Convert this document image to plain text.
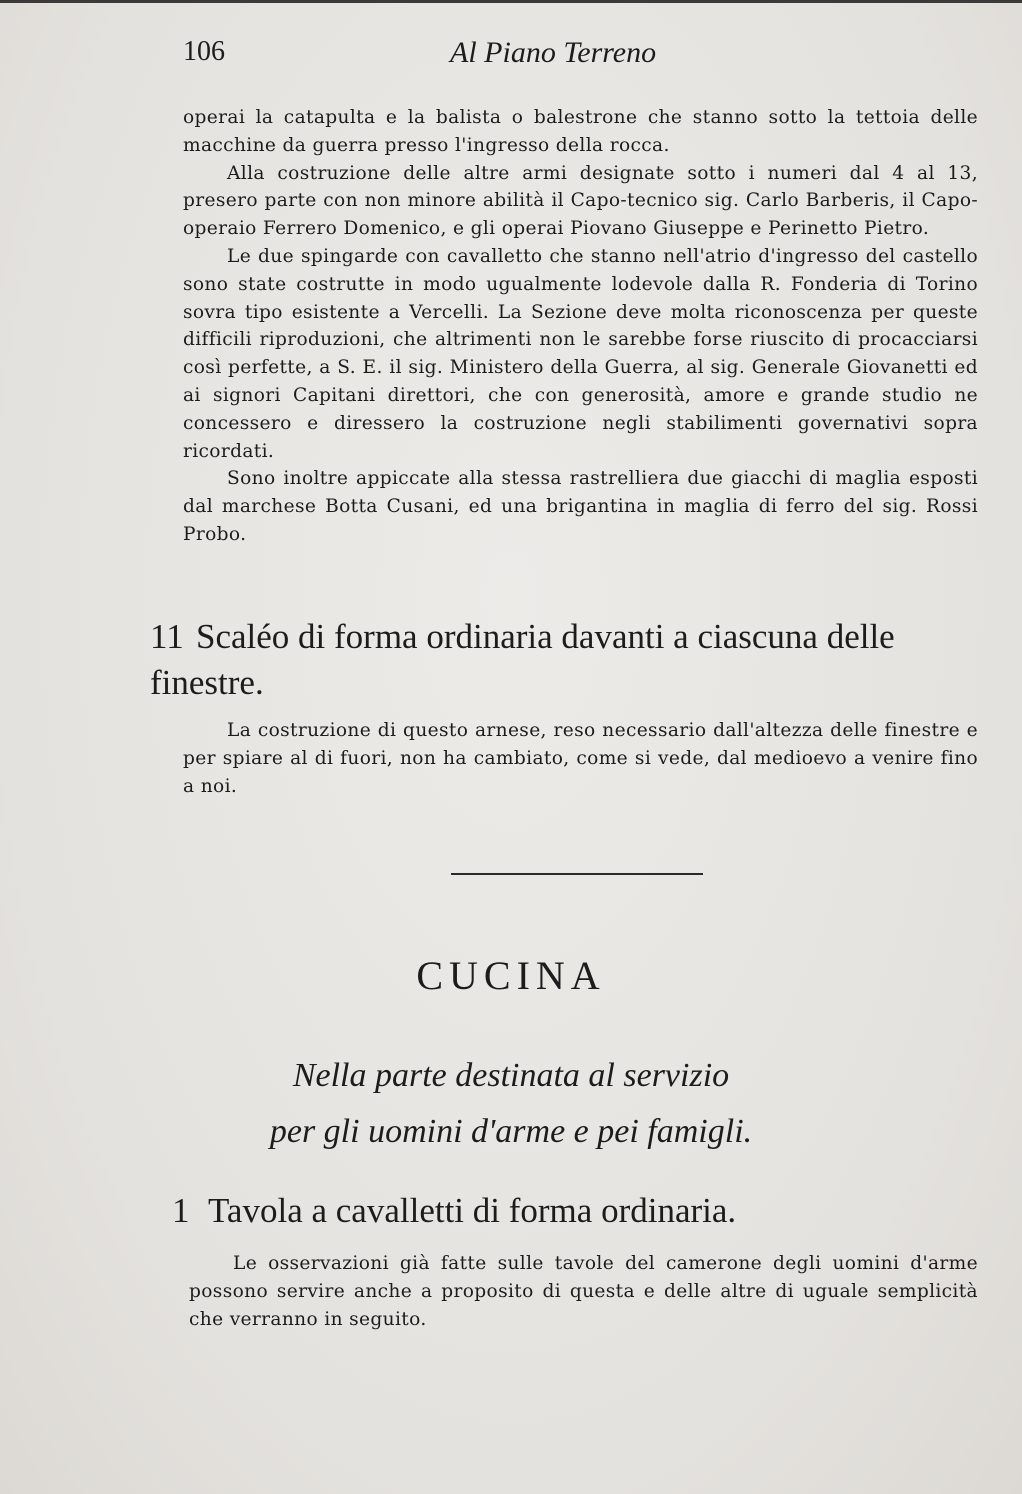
106	Al Piano Terreno

operai la catapulta e la balista o balestrone che stanno sotto la tettoia delle macchine da guerra presso l'ingresso della rocca.

Alla costruzione delle altre armi designate sotto i numeri dal 4 al 13, presero parte con non minore abilità il Capo-tecnico sig. Carlo Barberis, il Capo-operaio Ferrero Domenico, e gli operai Piovano Giuseppe e Perinetto Pietro.

Le due spingarde con cavalletto che stanno nell'atrio d'ingresso del castello sono state costrutte in modo ugualmente lodevole dalla R. Fonderia di Torino sovra tipo esistente a Vercelli. La Sezione deve molta riconoscenza per queste difficili riproduzioni, che altrimenti non le sarebbe forse riuscito di procacciarsi così perfette, a S. E. il sig. Ministero della Guerra, al sig. Generale Giovanetti ed ai signori Capitani direttori, che con generosità, amore e grande studio ne concessero e diressero la costruzione negli stabilimenti governativi sopra ricordati.

Sono inoltre appiccate alla stessa rastrelliera due giacchi di maglia esposti dal marchese Botta Cusani, ed una brigantina in maglia di ferro del sig. Rossi Probo.

11 Scaléo di forma ordinaria davanti a ciascuna delle finestre.

La costruzione di questo arnese, reso necessario dall'altezza delle finestre e per spiare al di fuori, non ha cambiato, come si vede, dal medioevo a venire fino a noi.

CUCINA
Nella parte destinata al servizio
per gli uomini d'arme e pei famigli.
1 Tavola a cavalletti di forma ordinaria.

Le osservazioni già fatte sulle tavole del camerone degli uomini d'arme possono servire anche a proposito di questa e delle altre di uguale semplicità che verranno in seguito.
